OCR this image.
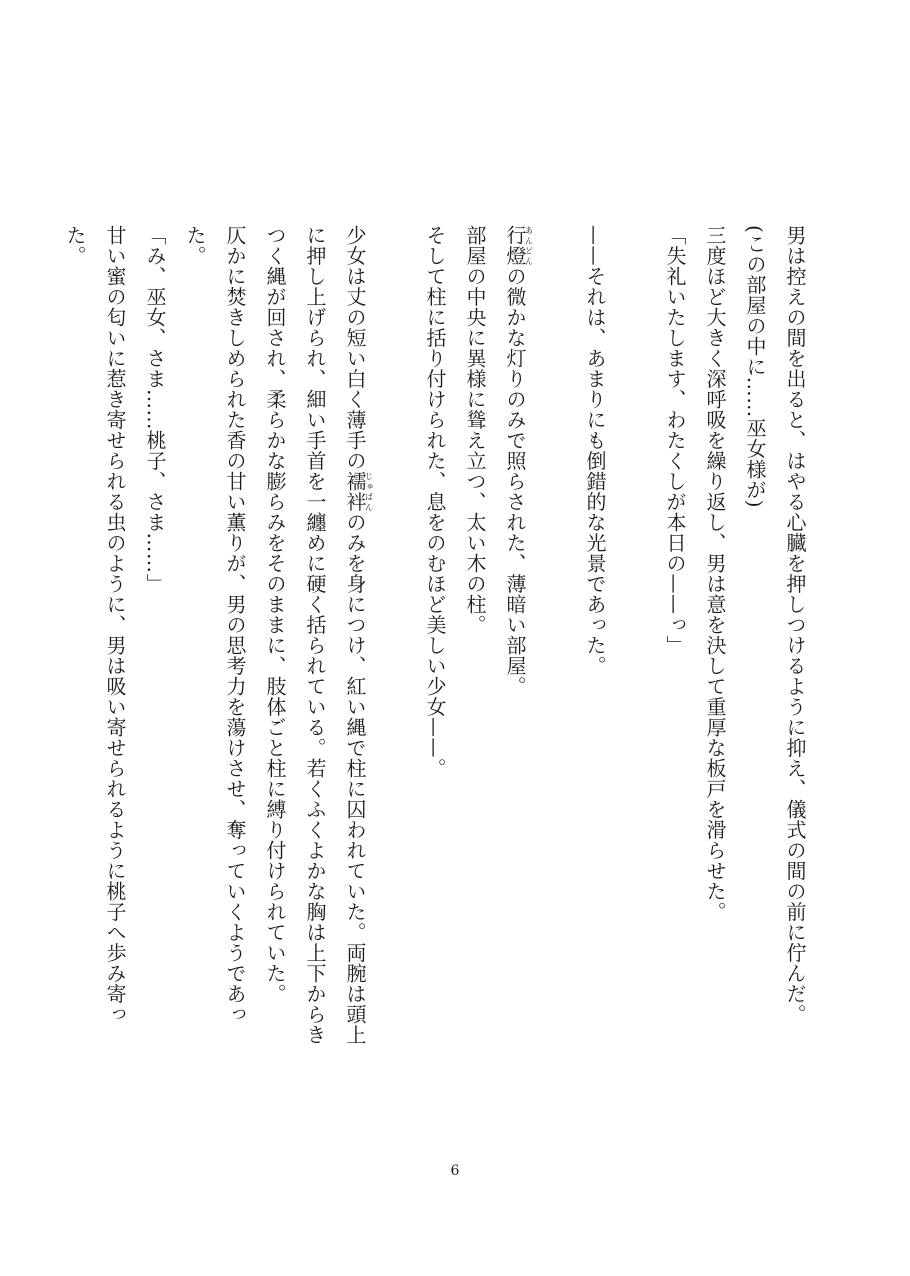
男は控えの間を出ると、はやる心臓を押しつけるように抑え、儀式の間の前に佇んだ。

(この部屋の中に……巫女様が)

三度ほど大きく深呼吸を繰り返し、男は意を決して重厚な板戸を滑らせた。

「失礼いたします、わたくしが本日の——っ」

——それは、あまりにも倒錯的な光景であった。

行燈あんどんの微かな灯りのみで照らされた、薄暗い部屋。

部屋の中央に異様に聳え立つ、太い木の柱。

そして柱に括り付けられた、息をのむほど美しい少女——。

少女は丈の短い白く薄手の襦袢じゅばんのみを身につけ、紅い縄で柱に囚われていた。両腕は頭上に押し上げられ、細い手首を一纏めに硬く括られている。若くふくよかな胸は上下からきつく縄が回され、柔らかな膨らみをそのままに、肢体ごと柱に縛り付けられていた。

仄かに焚きしめられた香の甘い薫りが、男の思考力を蕩けさせ、奪っていくようであった。

「み、巫女、さま……桃子、さま……」

甘い蜜の匂いに惹き寄せられる虫のように、男は吸い寄せられるように桃子へ歩み寄った。

6
